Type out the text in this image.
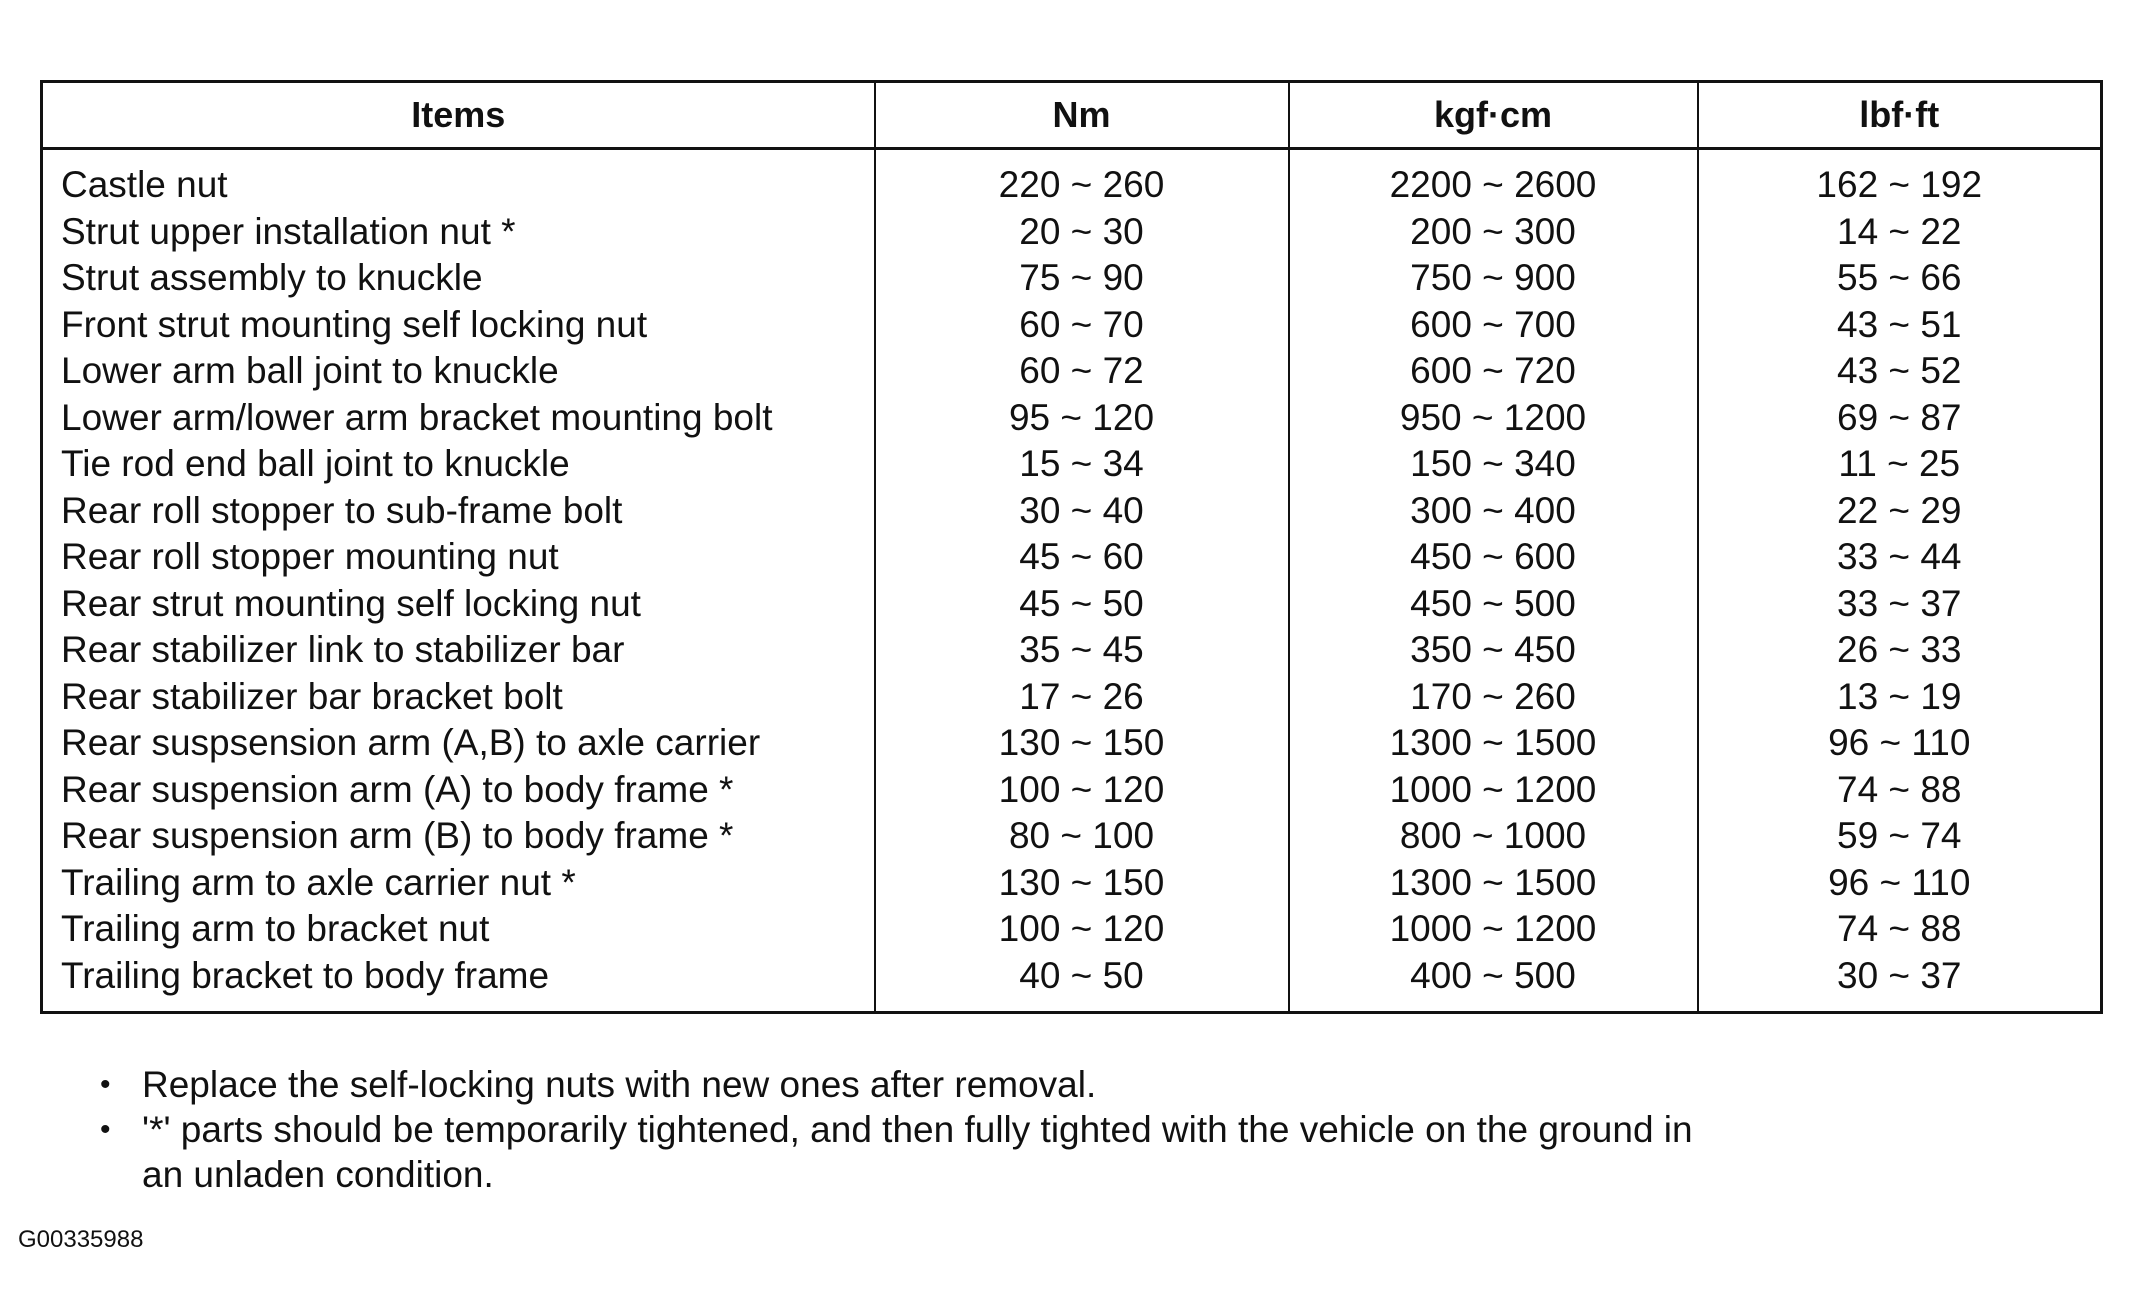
Items	Nm	kgf·cm	lbf·ft
Castle nut	220 ~ 260	2200 ~ 2600	162 ~ 192
Strut upper installation nut *	20 ~ 30	200 ~ 300	14 ~ 22
Strut assembly to knuckle	75 ~ 90	750 ~ 900	55 ~ 66
Front strut mounting self locking nut	60 ~ 70	600 ~ 700	43 ~ 51
Lower arm ball joint to knuckle	60 ~ 72	600 ~ 720	43 ~ 52
Lower arm/lower arm bracket mounting bolt	95 ~ 120	950 ~ 1200	69 ~ 87
Tie rod end ball joint to knuckle	15 ~ 34	150 ~ 340	11 ~ 25
Rear roll stopper to sub-frame bolt	30 ~ 40	300 ~ 400	22 ~ 29
Rear roll stopper mounting nut	45 ~ 60	450 ~ 600	33 ~ 44
Rear strut mounting self locking nut	45 ~ 50	450 ~ 500	33 ~ 37
Rear stabilizer link to stabilizer bar	35 ~ 45	350 ~ 450	26 ~ 33
Rear stabilizer bar bracket bolt	17 ~ 26	170 ~ 260	13 ~ 19
Rear suspsension arm (A,B) to axle carrier	130 ~ 150	1300 ~ 1500	96 ~ 110
Rear suspension arm (A) to body frame *	100 ~ 120	1000 ~ 1200	74 ~ 88
Rear suspension arm (B) to body frame *	80 ~ 100	800 ~ 1000	59 ~ 74
Trailing arm to axle carrier nut *	130 ~ 150	1300 ~ 1500	96 ~ 110
Trailing arm to bracket nut	100 ~ 120	1000 ~ 1200	74 ~ 88
Trailing bracket to body frame	40 ~ 50	400 ~ 500	30 ~ 37
• Replace the self-locking nuts with new ones after removal.
• '*' parts should be temporarily tightened, and then fully tighted with the vehicle on the ground in an unladen condition.
G00335988
